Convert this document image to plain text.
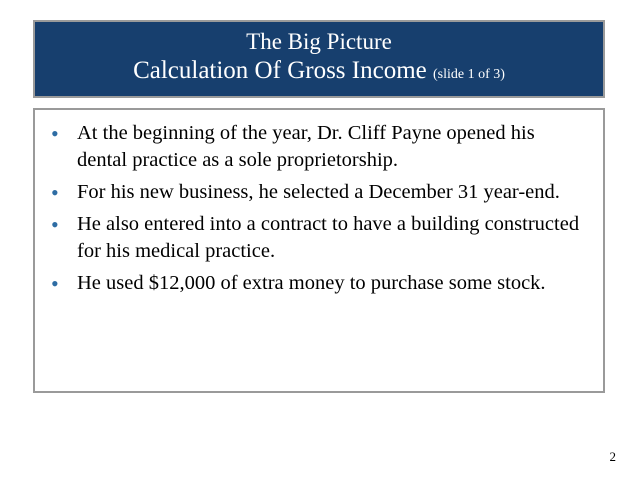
The Big Picture
Calculation Of Gross Income (slide 1 of 3)
• At the beginning of the year, Dr. Cliff Payne opened his dental practice as a sole proprietorship.
• For his new business, he selected a December 31 year-end.
• He also entered into a contract to have a building constructed for his medical practice.
• He used $12,000 of extra money to purchase some stock.
2
